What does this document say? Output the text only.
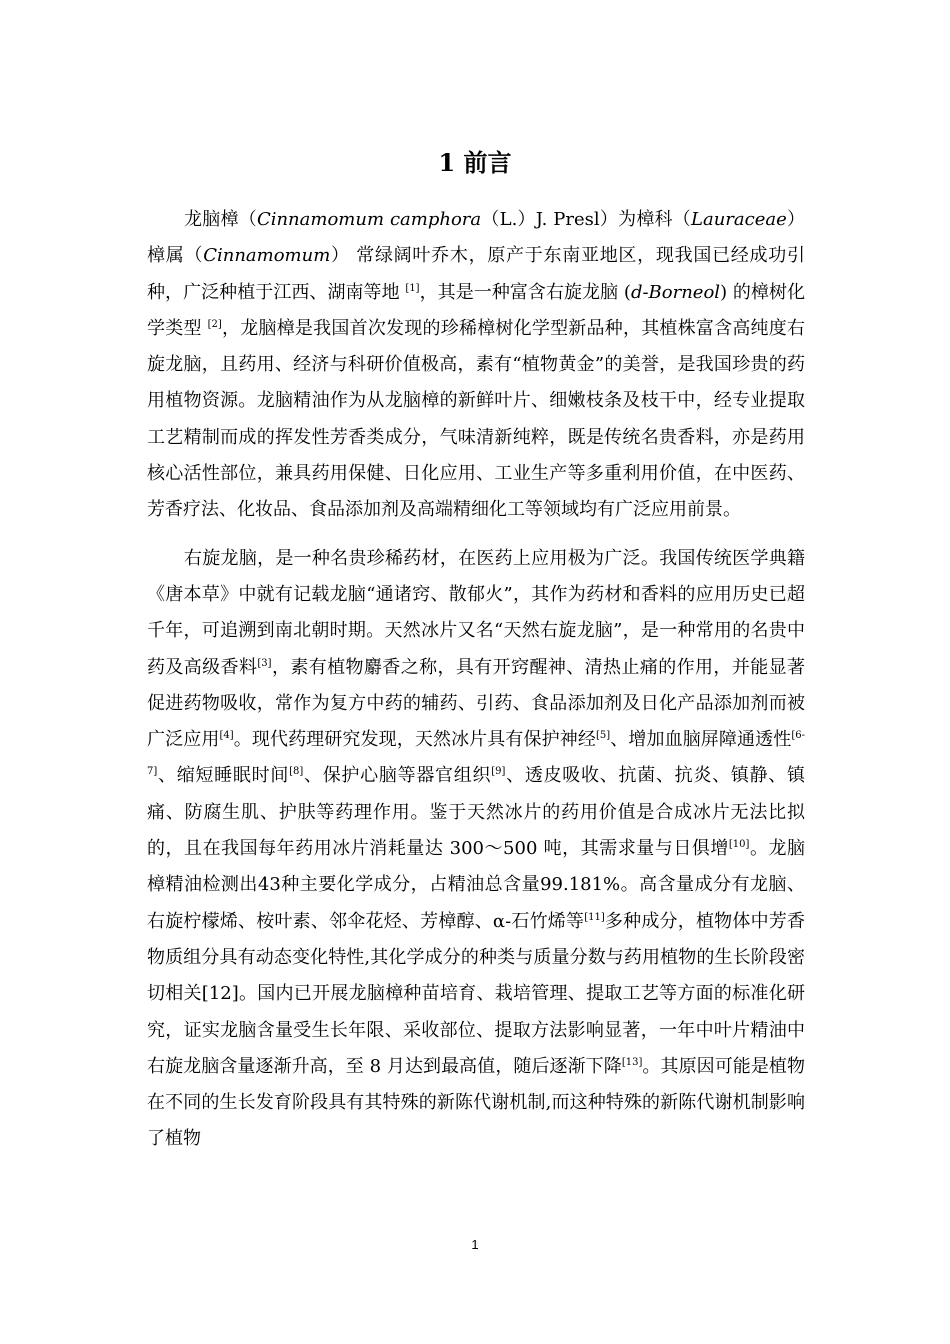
1 前言

龙脑樟（Cinnamomum camphora（L.）J. Presl）为樟科（Lauraceae） 樟属（Cinnamomum） 常绿阔叶乔木，原产于东南亚地区，现我国已经成功引种，广泛种植于江西、湖南等地 [1]，其是一种富含右旋龙脑 (d-Borneol) 的樟树化学类型 [2]，龙脑樟是我国首次发现的珍稀樟树化学型新品种，其植株富含高纯度右旋龙脑，且药用、经济与科研价值极高，素有“植物黄金”的美誉，是我国珍贵的药用植物资源。龙脑精油作为从龙脑樟的新鲜叶片、细嫩枝条及枝干中，经专业提取工艺精制而成的挥发性芳香类成分，气味清新纯粹，既是传统名贵香料，亦是药用核心活性部位，兼具药用保健、日化应用、工业生产等多重利用价值，在中医药、芳香疗法、化妆品、食品添加剂及高端精细化工等领域均有广泛应用前景。

右旋龙脑，是一种名贵珍稀药材，在医药上应用极为广泛。我国传统医学典籍《唐本草》中就有记载龙脑“通诸窍、散郁火”，其作为药材和香料的应用历史已超千年，可追溯到南北朝时期。天然冰片又名“天然右旋龙脑”，是一种常用的名贵中药及高级香料[3]，素有植物麝香之称，具有开窍醒神、清热止痛的作用，并能显著促进药物吸收，常作为复方中药的辅药、引药、食品添加剂及日化产品添加剂而被广泛应用[4]。现代药理研究发现，天然冰片具有保护神经[5]、增加血脑屏障通透性[6-7]、缩短睡眠时间[8]、保护心脑等器官组织[9]、透皮吸收、抗菌、抗炎、镇静、镇痛、防腐生肌、护肤等药理作用。鉴于天然冰片的药用价值是合成冰片无法比拟的，且在我国每年药用冰片消耗量达 300～500 吨，其需求量与日俱增[10]。龙脑樟精油检测出43种主要化学成分，占精油总含量99.181%。高含量成分有龙脑、右旋柠檬烯、桉叶素、邻伞花烃、芳樟醇、α-石竹烯等[11]多种成分，植物体中芳香物质组分具有动态变化特性,其化学成分的种类与质量分数与药用植物的生长阶段密切相关[12]。国内已开展龙脑樟种苗培育、栽培管理、提取工艺等方面的标准化研究，证实龙脑含量受生长年限、采收部位、提取方法影响显著，一年中叶片精油中右旋龙脑含量逐渐升高，至 8 月达到最高值，随后逐渐下降[13]。其原因可能是植物在不同的生长发育阶段具有其特殊的新陈代谢机制,而这种特殊的新陈代谢机制影响了植物

1
